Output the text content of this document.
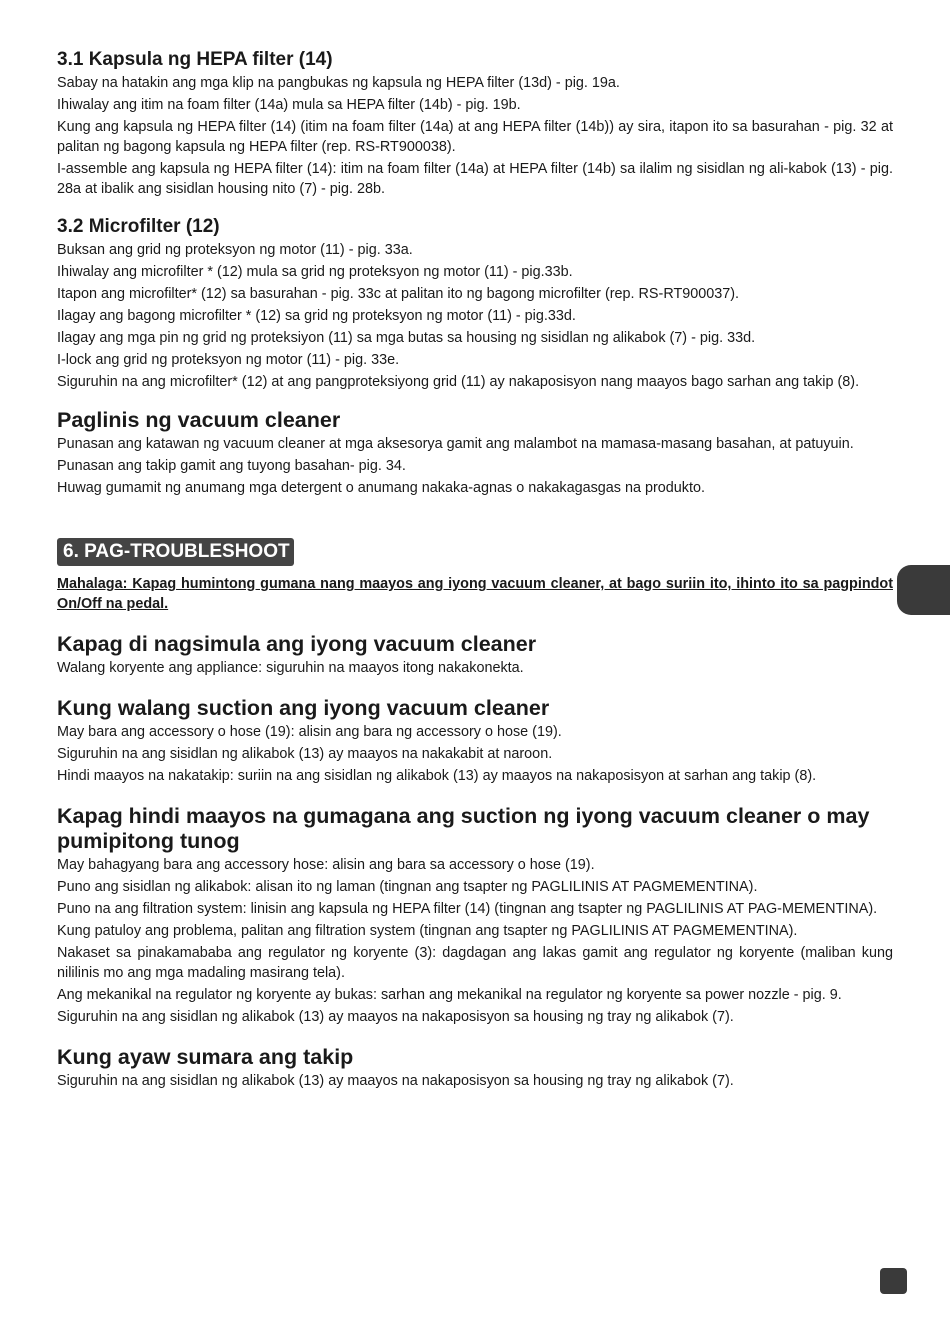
3.1 Kapsula ng HEPA filter (14)
Sabay na hatakin ang mga klip na pangbukas ng kapsula ng HEPA filter (13d) - pig. 19a.
Ihiwalay ang itim na foam filter (14a) mula sa HEPA filter (14b) - pig. 19b.
Kung ang kapsula ng HEPA filter (14) (itim na foam filter (14a) at ang HEPA filter (14b)) ay sira, itapon ito sa basurahan - pig. 32 at palitan ng bagong kapsula ng HEPA filter (rep. RS-RT900038).
I-assemble ang kapsula ng HEPA filter (14): itim na foam filter (14a) at HEPA filter (14b) sa ilalim ng sisidlan ng ali-kabok (13) - pig. 28a at ibalik ang sisidlan housing nito (7) - pig. 28b.
3.2 Microfilter (12)
Buksan ang grid ng proteksyon ng motor (11) - pig. 33a.
Ihiwalay ang microfilter * (12) mula sa grid ng proteksyon ng motor (11) - pig.33b.
Itapon ang microfilter* (12) sa basurahan - pig. 33c at palitan ito ng bagong microfilter (rep. RS-RT900037).
Ilagay ang bagong microfilter * (12) sa grid ng proteksyon ng motor (11) - pig.33d.
Ilagay ang mga pin ng grid ng proteksiyon (11) sa mga butas sa housing ng sisidlan ng alikabok (7) - pig. 33d.
I-lock ang grid ng proteksyon ng motor (11) - pig. 33e.
Siguruhin na ang microfilter* (12) at ang pangproteksiyong grid (11) ay nakaposisyon nang maayos bago sarhan ang takip (8).
Paglinis ng vacuum cleaner
Punasan ang katawan ng vacuum cleaner at mga aksesorya gamit ang malambot na mamasa-masang basahan, at patuyuin.
Punasan ang takip gamit ang tuyong basahan- pig. 34.
Huwag gumamit ng anumang mga detergent o anumang nakaka-agnas o nakakagasgas na produkto.
6. PAG-TROUBLESHOOT
Mahalaga: Kapag humintong gumana nang maayos ang iyong vacuum cleaner, at bago suriin ito, ihinto ito sa pagpindot On/Off na pedal.
Kapag di nagsimula ang iyong vacuum cleaner
Walang koryente ang appliance: siguruhin na maayos itong nakakonekta.
Kung walang suction ang iyong vacuum cleaner
May bara ang accessory o hose (19): alisin ang bara ng accessory o hose (19).
Siguruhin na ang sisidlan ng alikabok (13) ay maayos na nakakabit at naroon.
Hindi maayos na nakatakip: suriin na ang sisidlan ng alikabok (13) ay maayos na nakaposisyon at sarhan ang takip (8).
Kapag hindi maayos na gumagana ang suction ng iyong vacuum cleaner o may pumipitong tunog
May bahagyang bara ang accessory hose: alisin ang bara sa accessory o hose (19).
Puno ang sisidlan ng alikabok: alisan ito ng laman (tingnan ang tsapter ng PAGLILINIS AT PAGMEMENTINA).
Puno na ang filtration system: linisin ang kapsula ng HEPA filter (14) (tingnan ang tsapter ng PAGLILINIS AT PAG-MEMENTINA).
Kung patuloy ang problema, palitan ang filtration system (tingnan ang tsapter ng PAGLILINIS AT PAGMEMENTINA).
Nakaset sa pinakamababa ang regulator ng koryente (3): dagdagan ang lakas gamit ang regulator ng koryente (maliban kung nililinis mo ang mga madaling masirang tela).
Ang mekanikal na regulator ng koryente ay bukas: sarhan ang mekanikal na regulator ng koryente sa power nozzle - pig. 9.
Siguruhin na ang sisidlan ng alikabok (13) ay maayos na nakaposisyon sa housing ng tray ng alikabok (7).
Kung ayaw sumara ang takip
Siguruhin na ang sisidlan ng alikabok (13) ay maayos na nakaposisyon sa housing ng tray ng alikabok (7).
